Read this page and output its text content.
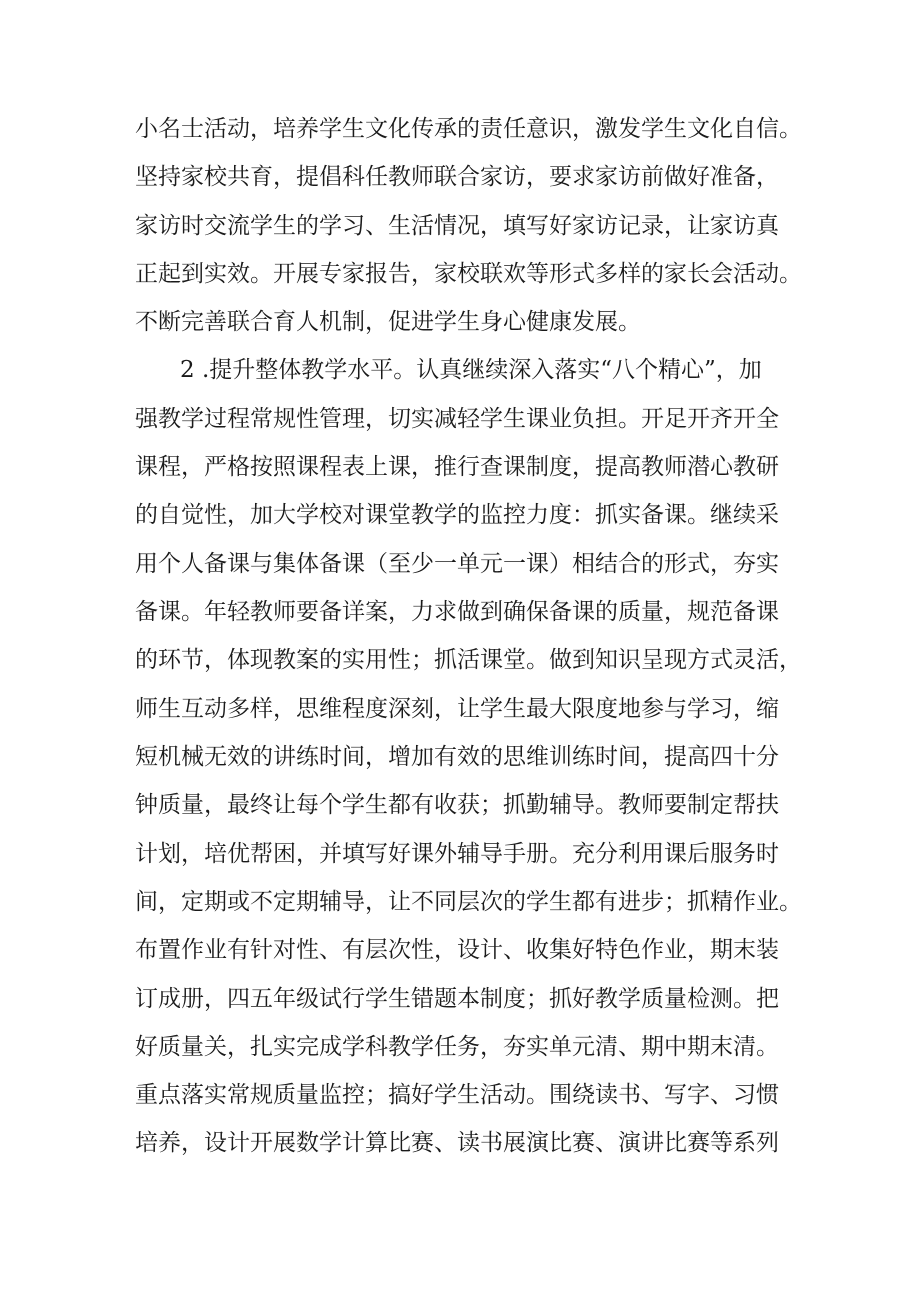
小名士活动，培养学生文化传承的责任意识，激发学生文化自信。
坚持家校共育，提倡科任教师联合家访，要求家访前做好准备，
家访时交流学生的学习、生活情况，填写好家访记录，让家访真
正起到实效。开展专家报告，家校联欢等形式多样的家长会活动。
不断完善联合育人机制，促进学生身心健康发展。
2 .提升整体教学水平。认真继续深入落实“八个精心”，加
强教学过程常规性管理，切实减轻学生课业负担。开足开齐开全
课程，严格按照课程表上课，推行查课制度，提高教师潜心教研
的自觉性，加大学校对课堂教学的监控力度：抓实备课。继续采
用个人备课与集体备课（至少一单元一课）相结合的形式，夯实
备课。年轻教师要备详案，力求做到确保备课的质量，规范备课
的环节，体现教案的实用性；抓活课堂。做到知识呈现方式灵活，
师生互动多样，思维程度深刻，让学生最大限度地参与学习，缩
短机械无效的讲练时间，增加有效的思维训练时间，提高四十分
钟质量，最终让每个学生都有收获；抓勤辅导。教师要制定帮扶
计划，培优帮困，并填写好课外辅导手册。充分利用课后服务时
间，定期或不定期辅导，让不同层次的学生都有进步；抓精作业。
布置作业有针对性、有层次性，设计、收集好特色作业，期末装
订成册，四五年级试行学生错题本制度；抓好教学质量检测。把
好质量关，扎实完成学科教学任务，夯实单元清、期中期末清。
重点落实常规质量监控；搞好学生活动。围绕读书、写字、习惯
培养，设计开展数学计算比赛、读书展演比赛、演讲比赛等系列
